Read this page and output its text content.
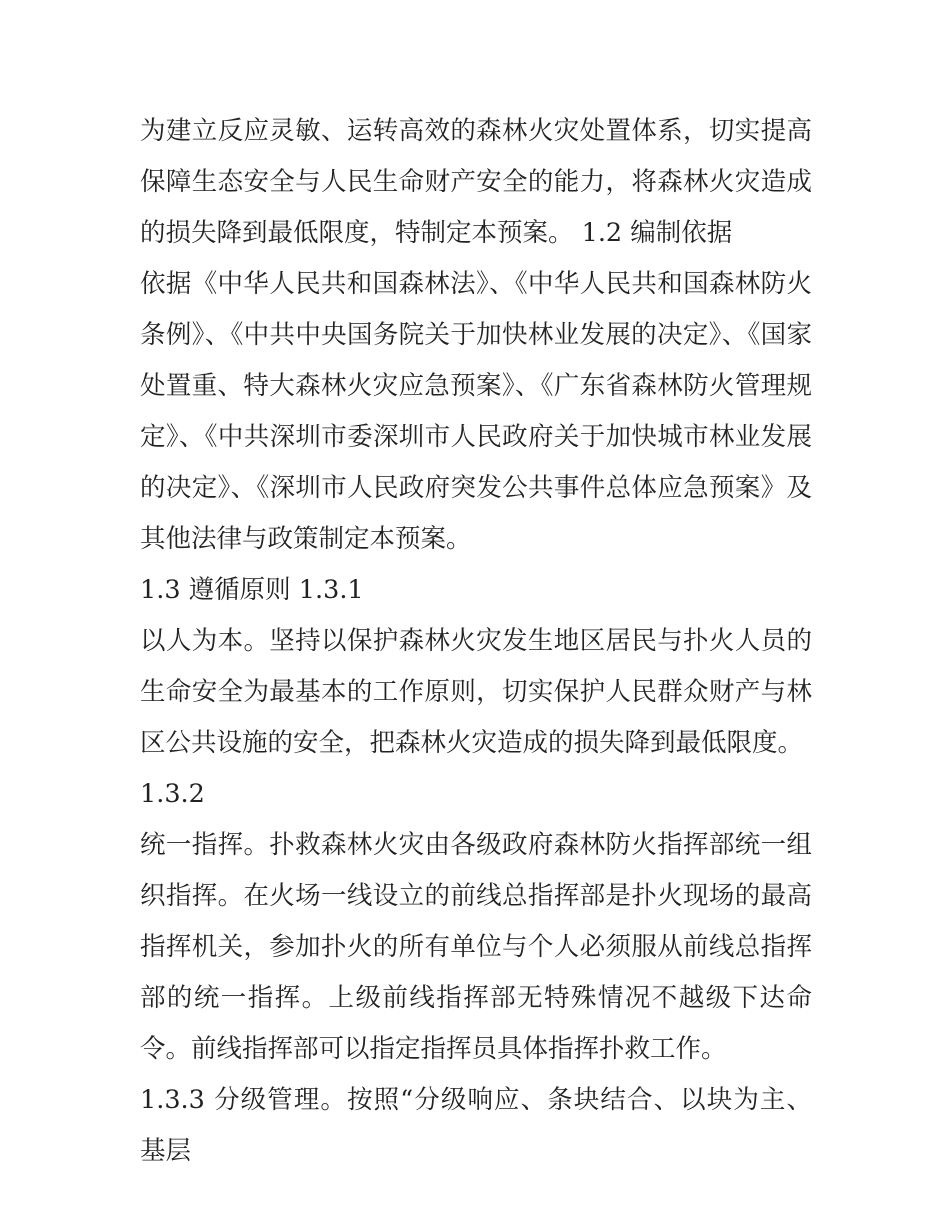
为建立反应灵敏、运转高效的森林火灾处置体系，切实提高保障生态安全与人民生命财产安全的能力，将森林火灾造成的损失降到最低限度，特制定本预案。 1.2 编制依据

依据《中华人民共和国森林法》、《中华人民共和国森林防火条例》、《中共中央国务院关于加快林业发展的决定》、《国家处置重、特大森林火灾应急预案》、《广东省森林防火管理规定》、《中共深圳市委深圳市人民政府关于加快城市林业发展的决定》、《深圳市人民政府突发公共事件总体应急预案》及其他法律与政策制定本预案。

1.3 遵循原则 1.3.1

以人为本。坚持以保护森林火灾发生地区居民与扑火人员的生命安全为最基本的工作原则，切实保护人民群众财产与林区公共设施的安全，把森林火灾造成的损失降到最低限度。

1.3.2

统一指挥。扑救森林火灾由各级政府森林防火指挥部统一组织指挥。在火场一线设立的前线总指挥部是扑火现场的最高指挥机关，参加扑火的所有单位与个人必须服从前线总指挥部的统一指挥。上级前线指挥部无特殊情况不越级下达命令。前线指挥部可以指定指挥员具体指挥扑救工作。

1.3.3 分级管理。按照“分级响应、条块结合、以块为主、基层
